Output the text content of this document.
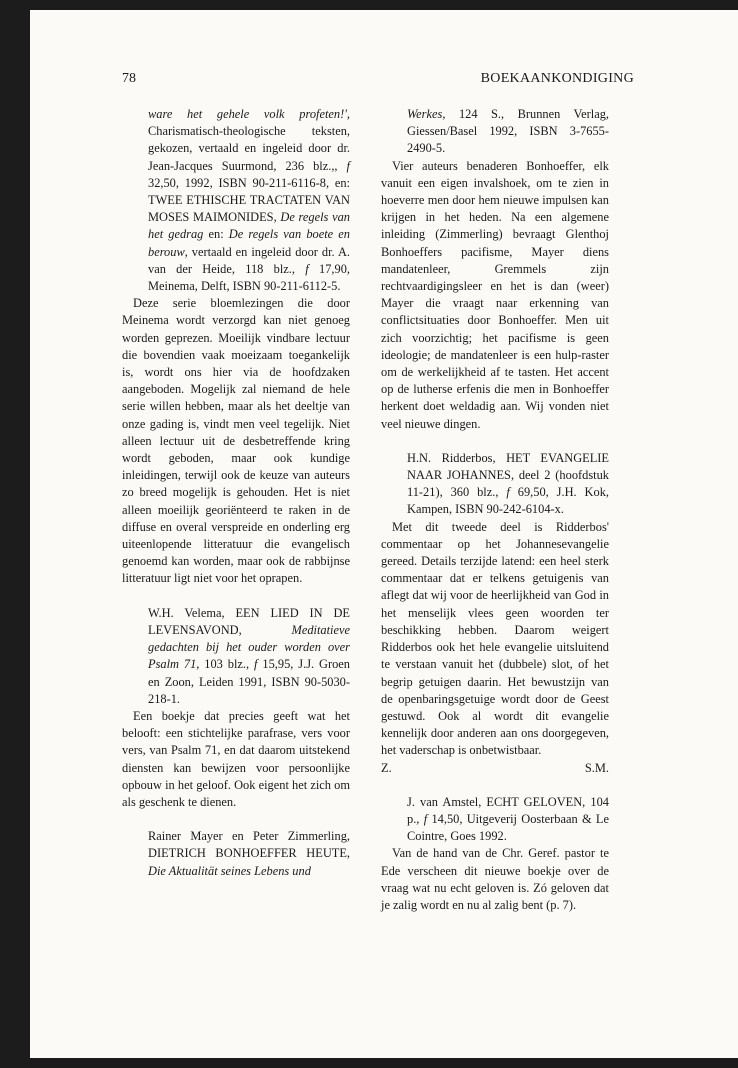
78	BOEKAANKONDIGING

ware het gehele volk profeten!', Charismatisch-theologische teksten, gekozen, vertaald en ingeleid door dr. Jean-Jacques Suurmond, 236 blz.,, f 32,50, 1992, ISBN 90-211-6116-8, en: TWEE ETHISCHE TRACTATEN VAN MOSES MAIMONIDES, De regels van het gedrag en: De regels van boete en berouw, vertaald en ingeleid door dr. A. van der Heide, 118 blz., f 17,90, Meinema, Delft, ISBN 90-211-6112-5.

Deze serie bloemlezingen die door Meinema wordt verzorgd kan niet genoeg worden geprezen. Moeilijk vindbare lectuur die bovendien vaak moeizaam toegankelijk is, wordt ons hier via de hoofdzaken aangeboden. Mogelijk zal niemand de hele serie willen hebben, maar als het deeltje van onze gading is, vindt men veel tegelijk. Niet alleen lectuur uit de desbetreffende kring wordt geboden, maar ook kundige inleidingen, terwijl ook de keuze van auteurs zo breed mogelijk is gehouden. Het is niet alleen moeilijk georiënteerd te raken in de diffuse en overal verspreide en onderling erg uiteenlopende litteratuur die evangelisch genoemd kan worden, maar ook de rabbijnse litteratuur ligt niet voor het oprapen.

W.H. Velema, EEN LIED IN DE LEVENSAVOND, Meditatieve gedachten bij het ouder worden over Psalm 71, 103 blz., f 15,95, J.J. Groen en Zoon, Leiden 1991, ISBN 90-5030-218-1.

Een boekje dat precies geeft wat het belooft: een stichtelijke parafrase, vers voor vers, van Psalm 71, en dat daarom uitstekend diensten kan bewijzen voor persoonlijke opbouw in het geloof. Ook eigent het zich om als geschenk te dienen.

Rainer Mayer en Peter Zimmerling, DIETRICH BONHOEFFER HEUTE, Die Aktualität seines Lebens und

Werkes, 124 S., Brunnen Verlag, Giessen/Basel 1992, ISBN 3-7655-2490-5.

Vier auteurs benaderen Bonhoeffer, elk vanuit een eigen invalshoek, om te zien in hoeverre men door hem nieuwe impulsen kan krijgen in het heden. Na een algemene inleiding (Zimmerling) bevraagt Glenthoj Bonhoeffers pacifisme, Mayer diens mandatenleer, Gremmels zijn rechtvaardigingsleer en het is dan (weer) Mayer die vraagt naar erkenning van conflictsituaties door Bonhoeffer. Men uit zich voorzichtig; het pacifisme is geen ideologie; de mandatenleer is een hulp-raster om de werkelijkheid af te tasten. Het accent op de lutherse erfenis die men in Bonhoeffer herkent doet weldadig aan. Wij vonden niet veel nieuwe dingen.

H.N. Ridderbos, HET EVANGELIE NAAR JOHANNES, deel 2 (hoofdstuk 11-21), 360 blz., f 69,50, J.H. Kok, Kampen, ISBN 90-242-6104-x.

Met dit tweede deel is Ridderbos' commentaar op het Johannesevangelie gereed. Details terzijde latend: een heel sterk commentaar dat er telkens getuigenis van aflegt dat wij voor de heerlijkheid van God in het menselijk vlees geen woorden ter beschikking hebben. Daarom weigert Ridderbos ook het hele evangelie uitsluitend te verstaan vanuit het (dubbele) slot, of het begrip getuigen daarin. Het bewustzijn van de openbaringsgetuige wordt door de Geest gestuwd. Ook al wordt dit evangelie kennelijk door anderen aan ons doorgegeven, het vaderschap is onbetwistbaar.

Z.	S.M.

J. van Amstel, ECHT GELOVEN, 104 p., f 14,50, Uitgeverij Oosterbaan & Le Cointre, Goes 1992.

Van de hand van de Chr. Geref. pastor te Ede verscheen dit nieuwe boekje over de vraag wat nu echt geloven is. Zó geloven dat je zalig wordt en nu al zalig bent (p. 7).
